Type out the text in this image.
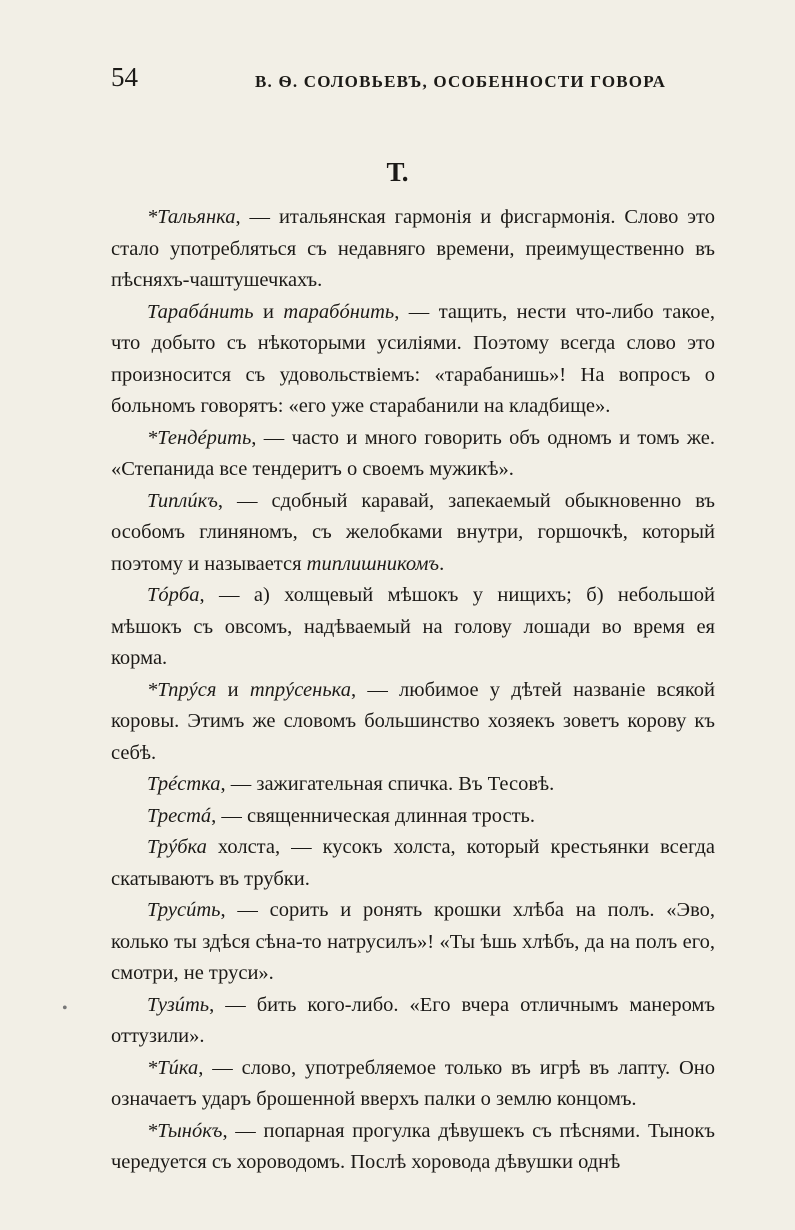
54	В. Ѳ. СОЛОВЬЕВЪ, ОСОБЕННОСТИ ГОВОРА
Т.
•

*Тальянка, — итальянская гармонія и фисгармонія. Слово это стало употребляться съ недавняго времени, преимущественно въ пѣсняхъ-чаштушечкахъ.

Тарабáнить и тарабóнить, — тащить, нести что-либо такое, что добыто съ нѣкоторыми усиліями. Поэтому всегда слово это произносится съ удовольствіемъ: «тарабанишь»! На вопросъ о больномъ говорятъ: «его уже старабанили на кладбище».

*Тендéрить, — часто и много говорить объ одномъ и томъ же. «Степанида все тендеритъ о своемъ мужикѣ».

Типлúкъ, — сдобный каравай, запекаемый обыкновенно въ особомъ глиняномъ, съ желобками внутри, горшочкѣ, который поэтому и называется типлишникомъ.

Тóрба, — а) холщевый мѣшокъ у нищихъ; б) небольшой мѣшокъ съ овсомъ, надѣваемый на голову лошади во время ея корма.

*Тпрýся и тпрýсенька, — любимое у дѣтей названіе всякой коровы. Этимъ же словомъ большинство хозяекъ зоветъ корову къ себѣ.

Трéстка, — зажигательная спичка. Въ Тесовѣ.

Трестá, — священническая длинная трость.

Трýбка холста, — кусокъ холста, который крестьянки всегда скатываютъ въ трубки.

Трусúть, — сорить и ронять крошки хлѣба на полъ. «Эво, колько ты здѣся сѣна-то натрусилъ»! «Ты ѣшь хлѣбъ, да на полъ его, смотри, не труси».

Тузúть, — бить кого-либо. «Его вчера отличнымъ манеромъ оттузили».

*Тúка, — слово, употребляемое только въ игрѣ въ лапту. Оно означаетъ ударъ брошенной вверхъ палки о землю концомъ.

*Тынóкъ, — попарная прогулка дѣвушекъ съ пѣснями. Тынокъ чередуется съ хороводомъ. Послѣ хоровода дѣвушки однѣ
